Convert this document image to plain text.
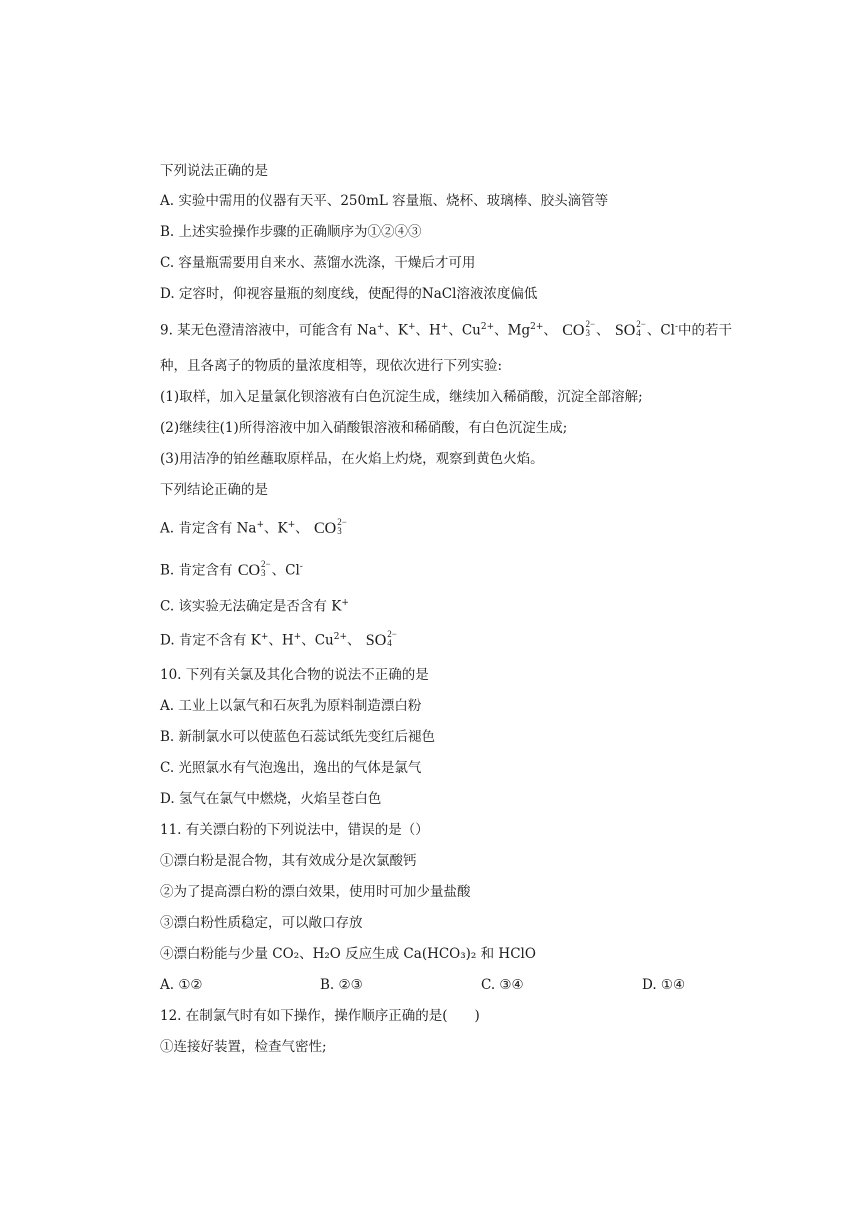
下列说法正确的是
A. 实验中需用的仪器有天平、250mL 容量瓶、烧杯、玻璃棒、胶头滴管等
B. 上述实验操作步骤的正确顺序为①②④③
C. 容量瓶需要用自来水、蒸馏水洗涤，干燥后才可用
D. 定容时，仰视容量瓶的刻度线，使配得的NaCl溶液浓度偏低
9. 某无色澄清溶液中，可能含有 Na+、K+、H+、$Cu^{2+}$、$Mg^{2+}$、 CO 2−
3 、 SO 2−
4 、Cl-中的若干
种，且各离子的物质的量浓度相等，现依次进行下列实验:
(1)取样，加入足量氯化钡溶液有白色沉淀生成，继续加入稀硝酸，沉淀全部溶解;
(2)继续往(1)所得溶液中加入硝酸银溶液和稀硝酸，有白色沉淀生成;
(3)用洁净的铂丝蘸取原样品，在火焰上灼烧，观察到黄色火焰。
下列结论正确的是
A. 肯定含有 Na+、K+、 CO 2−
3
B. 肯定含有 CO 2−
3 、Cl-
C. 该实验无法确定是否含有 K+
D. 肯定不含有 K+、H+、$Cu^{2+}$、 SO 2−
4
10. 下列有关氯及其化合物的说法不正确的是
A. 工业上以氯气和石灰乳为原料制造漂白粉
B. 新制氯水可以使蓝色石蕊试纸先变红后褪色
C. 光照氯水有气泡逸出，逸出的气体是氯气
D. 氢气在氯气中燃烧，火焰呈苍白色
11. 有关漂白粉的下列说法中，错误的是（）
①漂白粉是混合物，其有效成分是次氯酸钙
②为了提高漂白粉的漂白效果，使用时可加少量盐酸
③漂白粉性质稳定，可以敞口存放
④漂白粉能与少量 CO₂、H₂O 反应生成 Ca(HCO₃)₂ 和 HClO
A. ①②	B. ②③	C. ③④	D. ①④
12. 在制氯气时有如下操作，操作顺序正确的是(　　)
①连接好装置，检查气密性;
